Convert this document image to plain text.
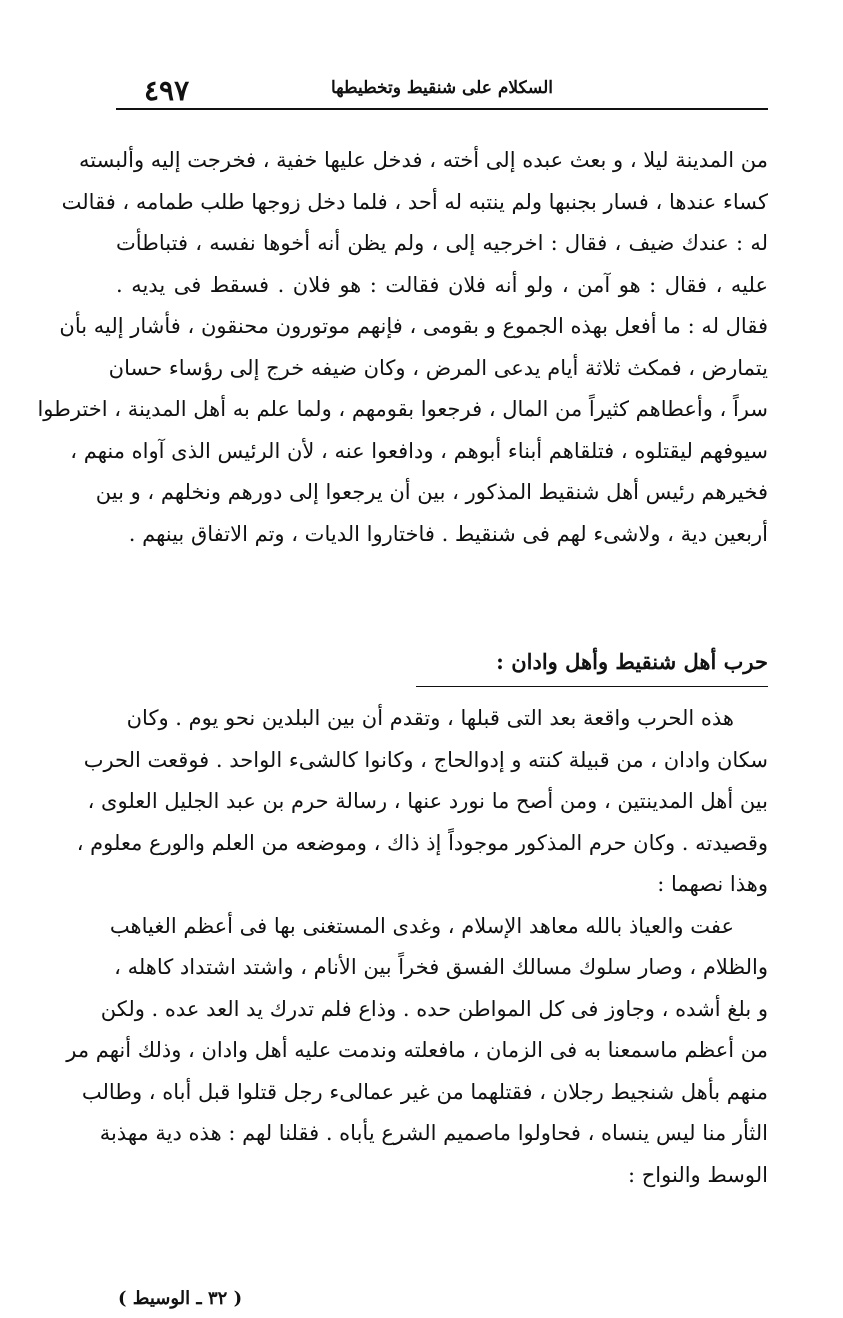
٤٩٧	السكلام على شنقيط وتخطيطها
من المدينة ليلا ، و بعث عبده إلى أخته ، فدخل عليها خفية ، فخرجت إليه وألبسته
كساء عندها ، فسار بجنبها ولم ينتبه له أحد ، فلما دخل زوجها طلب طمامه ، فقالت
له : عندك ضيف ، فقال : اخرجيه إلى ، ولم يظن أنه أخوها نفسه ، فتباطأت
عليه ، فقال : هو آمن ، ولو أنه فلان فقالت : هو فلان . فسقط فى يديه .
فقال له : ما أفعل بهذه الجموع و بقومى ، فإنهم موتورون محنقون ، فأشار إليه بأن
يتمارض ، فمكث ثلاثة أيام يدعى المرض ، وكان ضيفه خرج إلى رؤساء حسان
سراً ، وأعطاهم كثيراً من المال ، فرجعوا بقومهم ، ولما علم به أهل المدينة ، اخترطوا
سيوفهم ليقتلوه ، فتلقاهم أبناء أبوهم ، ودافعوا عنه ، لأن الرئيس الذى آواه منهم ،
فخيرهم رئيس أهل شنقيط المذكور ، بين أن يرجعوا إلى دورهم ونخلهم ، و بين
أربعين دية ، ولاشىء لهم فى شنقيط . فاختاروا الديات ، وتم الاتفاق بينهم .
حرب أهل شنقيط وأهل وادان :
هذه الحرب واقعة بعد التى قبلها ، وتقدم أن بين البلدين نحو يوم . وكان
سكان وادان ، من قبيلة كنته و إدوالحاج ، وكانوا كالشىء الواحد . فوقعت الحرب
بين أهل المدينتين ، ومن أصح ما نورد عنها ، رسالة حرم بن عبد الجليل العلوى ،
وقصيدته . وكان حرم المذكور موجوداً إذ ذاك ، وموضعه من العلم والورع معلوم ،
وهذا نصهما :
عفت والعياذ بالله معاهد الإسلام ، وغدى المستغنى بها فى أعظم الغياهب
والظلام ، وصار سلوك مسالك الفسق فخراً بين الأنام ، واشتد اشتداد كاهله ،
و بلغ أشده ، وجاوز فى كل المواطن حده . وذاع فلم تدرك يد العد عده . ولكن
من أعظم ماسمعنا به فى الزمان ، مافعلته وندمت عليه أهل وادان ، وذلك أنهم مر
منهم بأهل شنجيط رجلان ، فقتلهما من غير عمالىء رجل قتلوا قبل أباه ، وطالب
الثأر منا ليس ينساه ، فحاولوا ماصميم الشرع يأباه . فقلنا لهم : هذه دية مهذبة
الوسط والنواح :
( ٣٢ ـ الوسيط )
